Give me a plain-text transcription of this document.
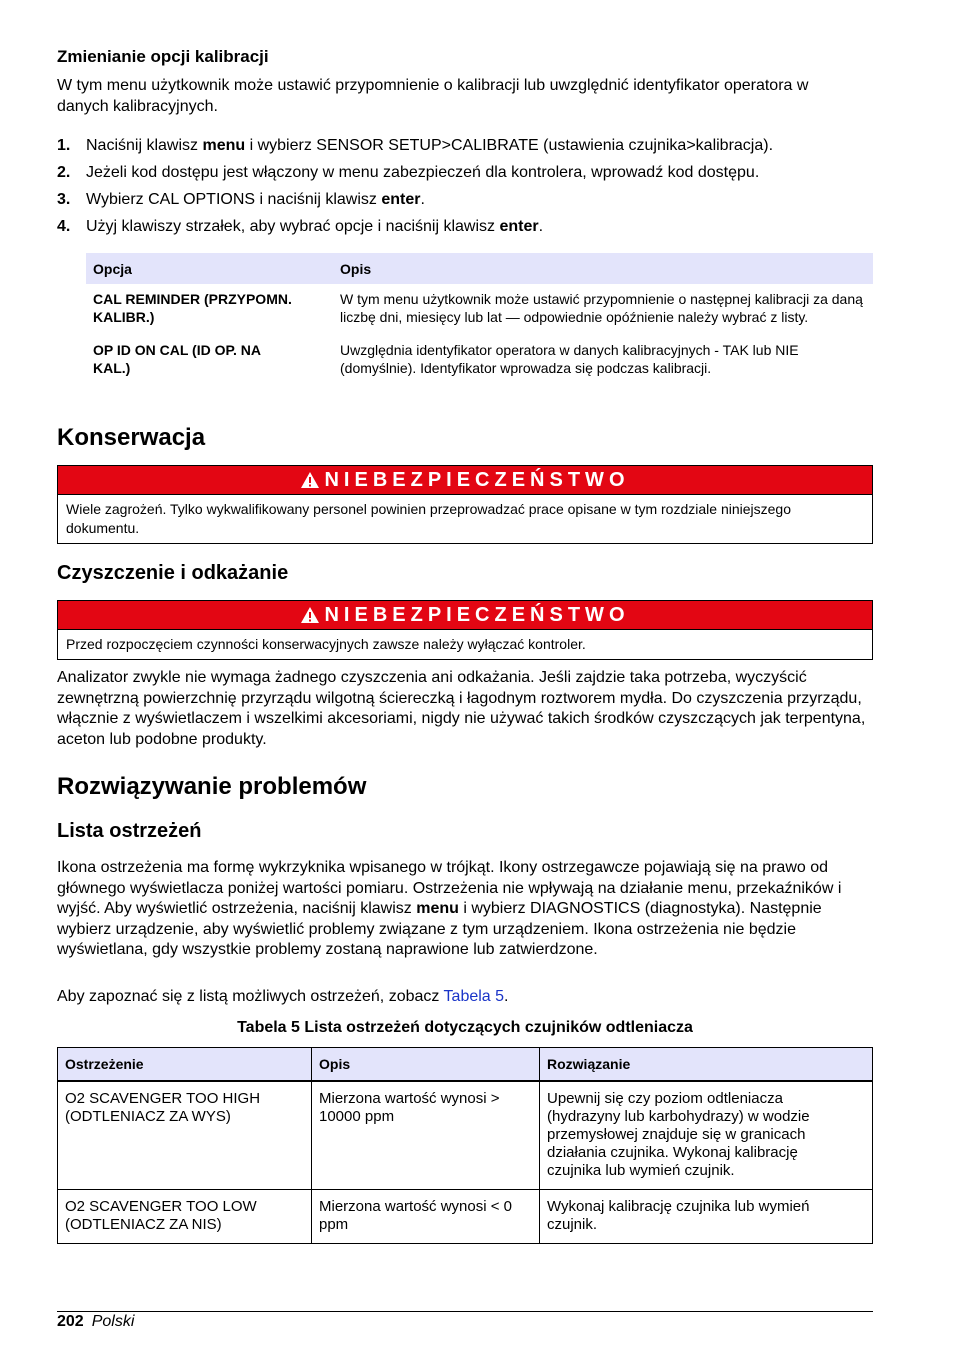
Zmienianie opcji kalibracji

W tym menu użytkownik może ustawić przypomnienie o kalibracji lub uwzględnić identyfikator operatora w danych kalibracyjnych.

1. Naciśnij klawisz menu i wybierz SENSOR SETUP>CALIBRATE (ustawienia czujnika>kalibracja).
2. Jeżeli kod dostępu jest włączony w menu zabezpieczeń dla kontrolera, wprowadź kod dostępu.
3. Wybierz CAL OPTIONS i naciśnij klawisz enter.
4. Użyj klawiszy strzałek, aby wybrać opcje i naciśnij klawisz enter.
Opcja	Opis
CAL REMINDER (PRZYPOMN. KALIBR.)	W tym menu użytkownik może ustawić przypomnienie o następnej kalibracji za daną liczbę dni, miesięcy lub lat — odpowiednie opóźnienie należy wybrać z listy.
OP ID ON CAL (ID OP. NA KAL.)	Uwzględnia identyfikator operatora w danych kalibracyjnych - TAK lub NIE (domyślnie). Identyfikator wprowadza się podczas kalibracji.
Konserwacja
NIEBEZPIECZEŃSTWO
Wiele zagrożeń. Tylko wykwalifikowany personel powinien przeprowadzać prace opisane w tym rozdziale niniejszego dokumentu.
Czyszczenie i odkażanie
NIEBEZPIECZEŃSTWO
Przed rozpoczęciem czynności konserwacyjnych zawsze należy wyłączać kontroler.

Analizator zwykle nie wymaga żadnego czyszczenia ani odkażania. Jeśli zajdzie taka potrzeba, wyczyścić zewnętrzną powierzchnię przyrządu wilgotną ściereczką i łagodnym roztworem mydła. Do czyszczenia przyrządu, włącznie z wyświetlaczem i wszelkimi akcesoriami, nigdy nie używać takich środków czyszczących jak terpentyna, aceton lub podobne produkty.

Rozwiązywanie problemów
Lista ostrzeżeń

Ikona ostrzeżenia ma formę wykrzyknika wpisanego w trójkąt. Ikony ostrzegawcze pojawiają się na prawo od głównego wyświetlacza poniżej wartości pomiaru. Ostrzeżenia nie wpływają na działanie menu, przekaźników i wyjść. Aby wyświetlić ostrzeżenia, naciśnij klawisz menu i wybierz DIAGNOSTICS (diagnostyka). Następnie wybierz urządzenie, aby wyświetlić problemy związane z tym urządzeniem. Ikona ostrzeżenia nie będzie wyświetlana, gdy wszystkie problemy zostaną naprawione lub zatwierdzone.

Aby zapoznać się z listą możliwych ostrzeżeń, zobacz Tabela 5.

Tabela 5 Lista ostrzeżeń dotyczących czujników odtleniacza
Ostrzeżenie	Opis	Rozwiązanie
O2 SCAVENGER TOO HIGH (ODTLENIACZ ZA WYS)	Mierzona wartość wynosi > 10000 ppm	Upewnij się czy poziom odtleniacza (hydrazyny lub karbohydrazy) w wodzie przemysłowej znajduje się w granicach działania czujnika. Wykonaj kalibrację czujnika lub wymień czujnik.
O2 SCAVENGER TOO LOW (ODTLENIACZ ZA NIS)	Mierzona wartość wynosi < 0 ppm	Wykonaj kalibrację czujnika lub wymień czujnik.
202 Polski
